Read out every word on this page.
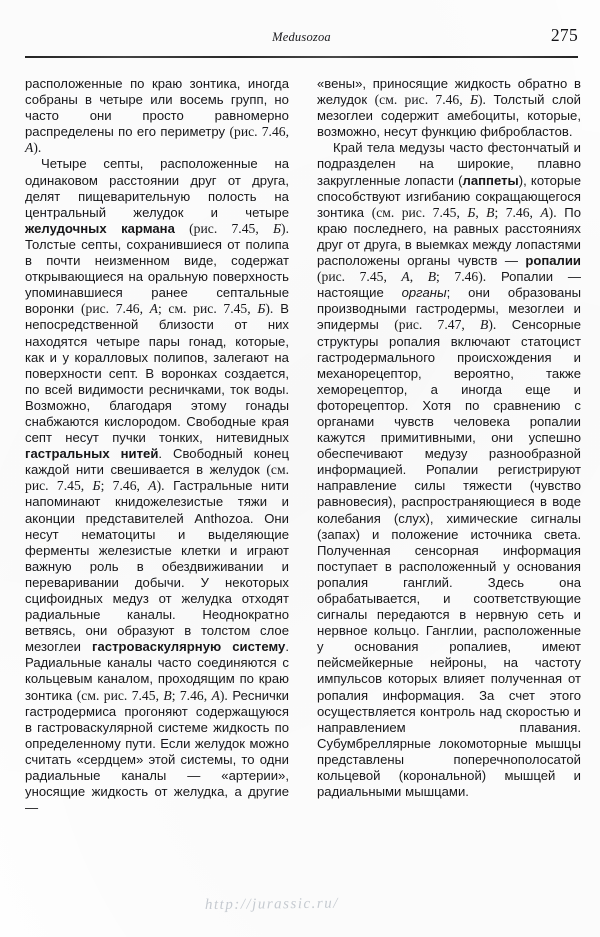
Medusozoa	275

расположенные по краю зонтика, иногда собраны в четыре или восемь групп, но часто они просто равномерно распределены по его периметру (рис. 7.46, А).

Четыре септы, расположенные на одинаковом расстоянии друг от друга, делят пищеварительную полость на центральный желудок и четыре желудочных кармана (рис. 7.45, Б). Толстые септы, сохранившиеся от полипа в почти неизменном виде, содержат открывающиеся на оральную поверхность упоминавшиеся ранее септальные воронки (рис. 7.46, А; см. рис. 7.45, Б). В непосредственной близости от них находятся четыре пары гонад, которые, как и у коралловых полипов, залегают на поверхности септ. В воронках создается, по всей видимости ресничками, ток воды. Возможно, благодаря этому гонады снабжаются кислородом. Свободные края септ несут пучки тонких, нитевидных гастральных нитей. Свободный конец каждой нити свешивается в желудок (см. рис. 7.45, Б; 7.46, А). Гастральные нити напоминают книдожелезистые тяжи и аконции представителей Anthozoa. Они несут нематоциты и выделяющие ферменты железистые клетки и играют важную роль в обездвиживании и переваривании добычи. У некоторых сцифоидных медуз от желудка отходят радиальные каналы. Неоднократно ветвясь, они образуют в толстом слое мезоглеи гастроваскулярную систему. Радиальные каналы часто соединяются с кольцевым каналом, проходящим по краю зонтика (см. рис. 7.45, В; 7.46, А). Реснички гастродермиса прогоняют содержащуюся в гастроваскулярной системе жидкость по определенному пути. Если желудок можно считать «сердцем» этой системы, то одни радиальные каналы — «артерии», уносящие жидкость от желудка, а другие —

«вены», приносящие жидкость обратно в желудок (см. рис. 7.46, Б). Толстый слой мезоглеи содержит амебоциты, которые, возможно, несут функцию фибробластов.

Край тела медузы часто фестончатый и подразделен на широкие, плавно закругленные лопасти (лаппеты), которые способствуют изгибанию сокращающегося зонтика (см. рис. 7.45, Б, В; 7.46, А). По краю последнего, на равных расстояниях друг от друга, в выемках между лопастями расположены органы чувств — ропалии (рис. 7.45, А, В; 7.46). Ропалии — настоящие органы; они образованы производными гастродермы, мезоглеи и эпидермы (рис. 7.47, В). Сенсорные структуры ропалия включают статоцист гастродермального происхождения и механорецептор, вероятно, также хеморецептор, а иногда еще и фоторецептор. Хотя по сравнению с органами чувств человека ропалии кажутся примитивными, они успешно обеспечивают медузу разнообразной информацией. Ропалии регистрируют направление силы тяжести (чувство равновесия), распространяющиеся в воде колебания (слух), химические сигналы (запах) и положение источника света. Полученная сенсорная информация поступает в расположенный у основания ропалия ганглий. Здесь она обрабатывается, и соответствующие сигналы передаются в нервную сеть и нервное кольцо. Ганглии, расположенные у основания ропалиев, имеют пейсмейкерные нейроны, на частоту импульсов которых влияет полученная от ропалия информация. За счет этого осуществляется контроль над скоростью и направлением плавания. Субумбреллярные локомоторные мышцы представлены поперечнополосатой кольцевой (корональной) мышцей и радиальными мышцами.

http://jurassic.ru/
